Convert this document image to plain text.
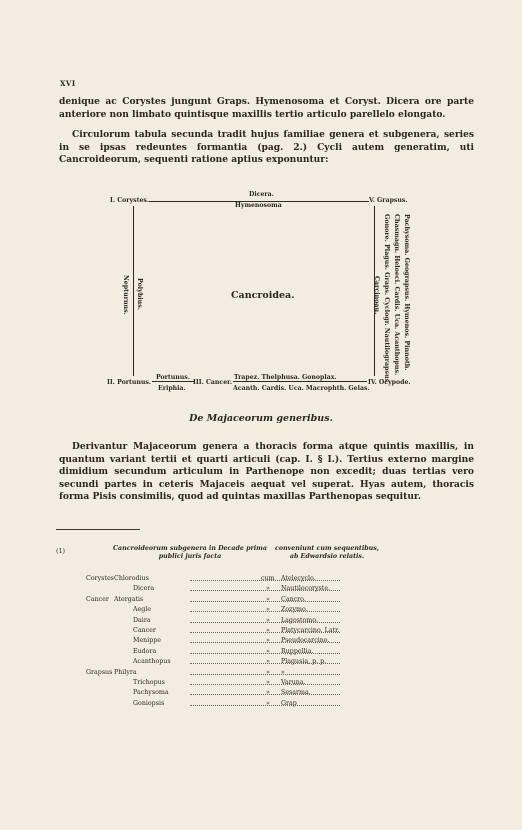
XVI
denique ac Corystes jungunt Graps. Hymenosoma et Coryst. Dicera ore parte anteriore non limbato quintisque maxillis tertio articulo parellelo elongato.
Circulorum tabula secunda tradit hujus familiae genera et subgenera, series in se ipsas redeuntes formantia (pag. 2.) Cycli autem generatim, uti Cancroideorum, sequenti ratione aptius exponuntur:
I. Corystes.
Dicera.
Hymenosoma
V. Grapsus.
Nepturnus. Polybius.	Cancroidea.	Pachysoma. Geograpsus. Hymenos. Pinnoth.
Chasmagn. Heloeci. Cardis. Uca. Acanthopus.
Gonore. Plagus. Graps. Cyclogr. Nautilograpsus.
Carcinoau.
II. Portunus.
Portunus.
Eriphia.
III. Cancer.
Trapez. Thelphusa. Gonoplax.
Acanth. Cardis. Uca. Macrophth. Gelas.
IV. Ocypode.
De Majaceorum generibus.
Derivantur Majaceorum genera a thoracis forma atque quintis maxillis, in quantum variant tertii et quarti articuli (cap. I. § I.). Tertius externo margine dimidium secundum articulum in Parthenope non excedit; duas tertias vero secundi partes in ceteris Majaceis aequat vel superat. Hyas autem, thoracis forma Pisis consimilis, quod ad quintas maxillas Parthenopas sequitur.
(1)	Cancroideorum subgenera in Decade prima publici juris facta
conveniunt cum sequentibus, ab Edwardsio relatis.
Corystes Chlorodius	cum Atelecyclo.
Dicera	» Nautilocoryste.
Cancer Atergatis	» Cancro.
Aegle	» Zozymo.
Daira	» Lagostomo.
Cancer	» Platycarcino. Latr.
Menippe	» Pseudocarcino.
Eudora	» Ruppellia.
Acanthopus	» Plagusia, p. p.
Grapsus Philyra	» »
Trichopus	» Varuna.
Pachysoma	» Sesarma.
Goniopsis	» Grap
